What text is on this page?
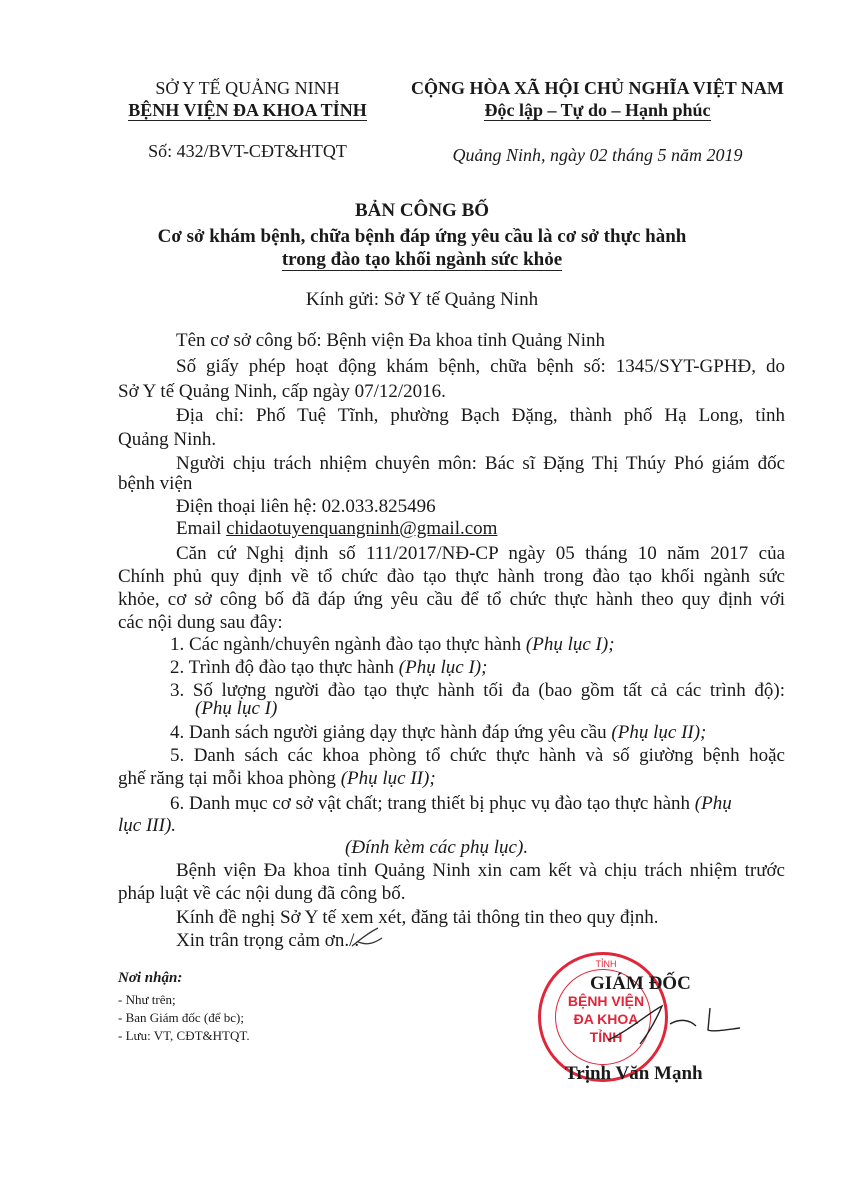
SỞ Y TẾ QUẢNG NINH
BỆNH VIỆN ĐA KHOA TỈNH
Số: 432/BVT-CĐT&HTQT
CỘNG HÒA XÃ HỘI CHỦ NGHĨA VIỆT NAM
Độc lập – Tự do – Hạnh phúc
Quảng Ninh, ngày 02 tháng 5 năm 2019
BẢN CÔNG BỐ
Cơ sở khám bệnh, chữa bệnh đáp ứng yêu cầu là cơ sở thực hành
trong đào tạo khối ngành sức khỏe
Kính gửi: Sở Y tế Quảng Ninh
Tên cơ sở công bố: Bệnh viện Đa khoa tỉnh Quảng Ninh
Số giấy phép hoạt động khám bệnh, chữa bệnh số: 1345/SYT-GPHĐ, do
Sở Y tế Quảng Ninh, cấp ngày 07/12/2016.
Địa chỉ: Phố Tuệ Tĩnh, phường Bạch Đặng, thành phố Hạ Long, tỉnh
Quảng Ninh.
Người chịu trách nhiệm chuyên môn: Bác sĩ Đặng Thị Thúy Phó giám đốc
bệnh viện
Điện thoại liên hệ: 02.033.825496
Email chidaotuyenquangninh@gmail.com
Căn cứ Nghị định số 111/2017/NĐ-CP ngày 05 tháng 10 năm 2017 của
Chính phủ quy định về tổ chức đào tạo thực hành trong đào tạo khối ngành sức
khỏe, cơ sở công bố đã đáp ứng yêu cầu để tổ chức thực hành theo quy định với
các nội dung sau đây:
1. Các ngành/chuyên ngành đào tạo thực hành (Phụ lục I);
2. Trình độ đào tạo thực hành (Phụ lục I);
3. Số lượng người đào tạo thực hành tối đa (bao gồm tất cả các trình độ):
(Phụ lục I)
4. Danh sách người giảng dạy thực hành đáp ứng yêu cầu (Phụ lục II);
5. Danh sách các khoa phòng tổ chức thực hành và số giường bệnh hoặc
ghế răng tại mỗi khoa phòng (Phụ lục II);
6. Danh mục cơ sở vật chất; trang thiết bị phục vụ đào tạo thực hành (Phụ
lục III).
(Đính kèm các phụ lục).
Bệnh viện Đa khoa tỉnh Quảng Ninh xin cam kết và chịu trách nhiệm trước
pháp luật về các nội dung đã công bố.
Kính đề nghị Sở Y tế xem xét, đăng tải thông tin theo quy định.
Xin trân trọng cảm ơn./.
Nơi nhận:
- Như trên;
- Ban Giám đốc (để bc);
- Lưu: VT, CĐT&HTQT.
TỈNH
BỆNH VIỆN
ĐA KHOA
TỈNH
GIÁM ĐỐC
Trịnh Văn Mạnh
